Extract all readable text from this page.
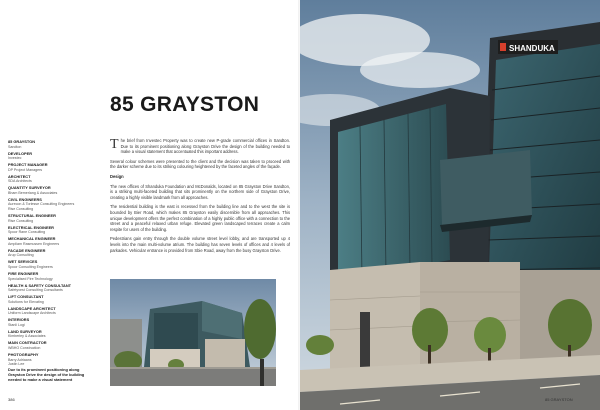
85 GRAYSTON
85 GRAYSTON
Sandton
DEVELOPER
Investec
PROJECT MANAGER
DP Project Managers
ARCHITECT
SDA Architects
QUANTITY SURVEYOR
Bham Bemerlang & Associates
CIVIL ENGINEERS
Aurecon & Torlesse Consulting Engineers
Rise Consulting
STRUCTURAL ENGINEER
Rise Consulting
ELECTRICAL ENGINEER
Spoor Rane Consulting
MECHANICAL ENGINEER
Ampliam Rasmussen Engineers
FACADE ENGINEER
Arup Consulting
WET SERVICES
Spoor Consulting Engineers
FIRE ENGINEER
Specialised Fire Technology
HEALTH & SAFETY CONSULTANT
Safetyvest Consulting Consultants
LIFT CONSULTANT
Solutions for Elevating
LANDSCAPE ARCHITECT
Uniform Landscape Architects
INTERIORS
Stanli Logi
LAND SURVEYOR
Kimberley & Associates
MAIN CONTRACTOR
WBHO Construction
PHOTOGRAPHY
Barry Adriaans
Justin Lee
Due to its prominent positioning along Grayston Drive the design of the building needed to make a visual statement
386

The brief from Investec Property was to create new P-grade commercial offices in Sandton. Due to its prominent positioning along Grayston Drive the design of the building needed to make a visual statement that accentuated this important address.

Several colour schemes were presented to the client and the decision was taken to proceed with the darker scheme due to its striking colouring heightened by the faceted angles of the façade.

Design

The new offices of Shanduka Foundation and McDonalds, located on 85 Grayston Drive Sandton, is a striking multi-faceted building that sits prominently on the northern side of Grayston Drive, creating a highly visible landmark from all approaches.

The residential building is the east is recessed from the building line and to the west the site is bounded by Bier Road, which makes 85 Grayston easily discernible from all approaches. This unique development offers the perfect combination of a highly public office with a connection to the street and a peaceful relaxed urban refuge. Elevated green landscaped terraces create a calm respite for users of the building.

Pedestrians gain entry through the double volume street level lobby, and are transported up 4 levels into the main multi-volume atrium. The building has seven levels of offices and 4 levels of parkades. Vehicular entrance is provided from Sbie Road, away from the busy Grayston Drive.

SHANDUKA
85 GRAYSTON
